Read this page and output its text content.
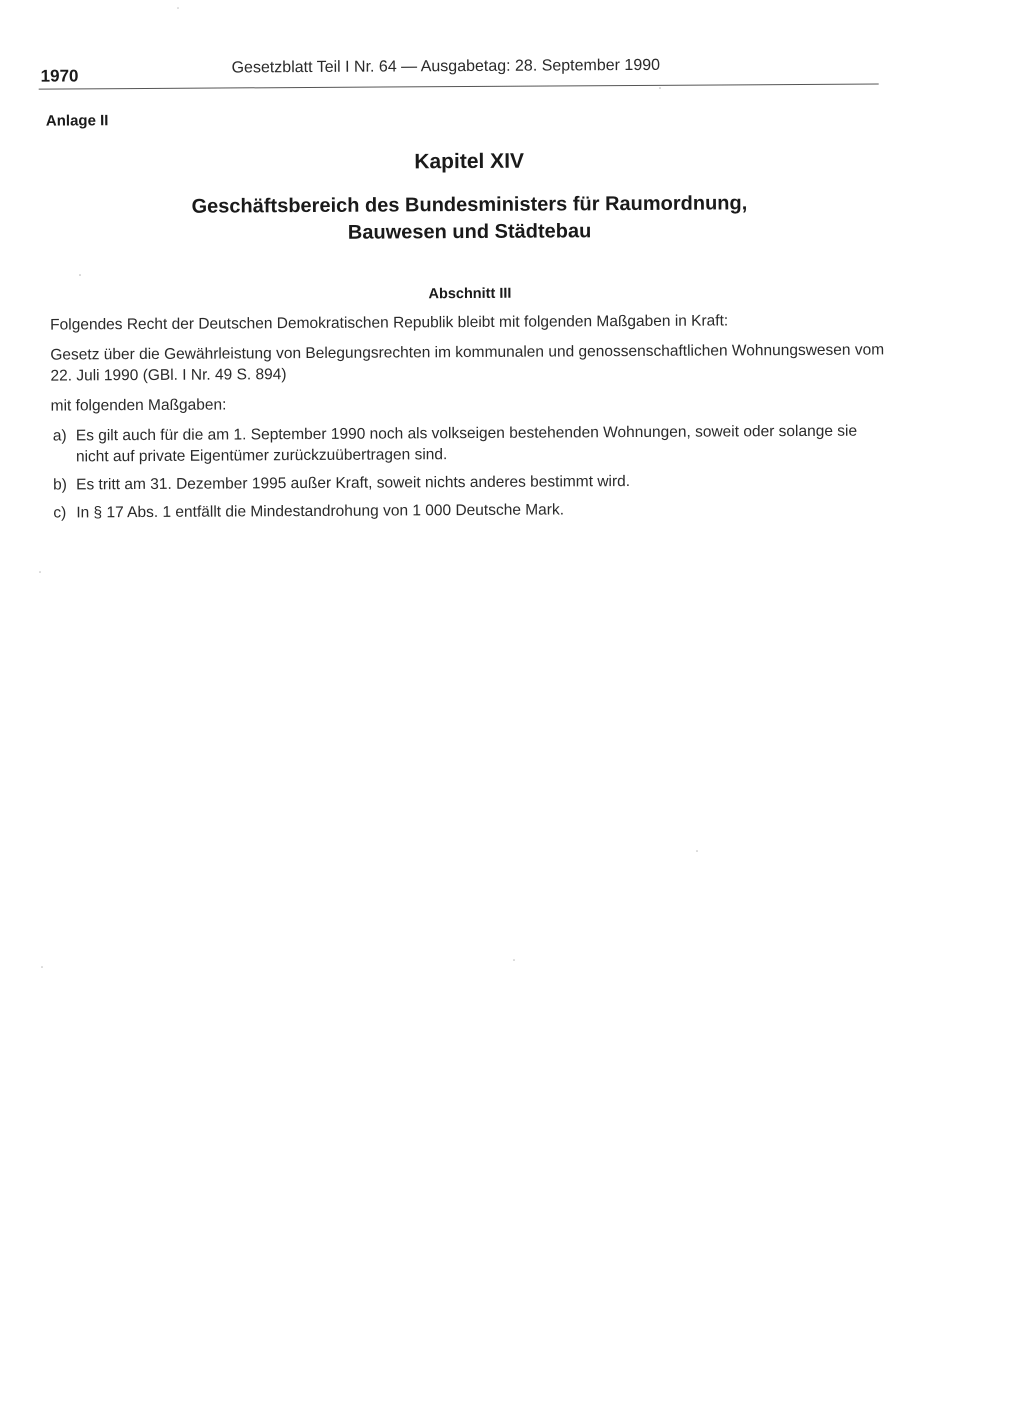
1970	Gesetzblatt Teil I Nr. 64 — Ausgabetag: 28. September 1990
Anlage II

Kapitel XIV

Geschäftsbereich des Bundesministers für Raumordnung,

Bauwesen und Städtebau

Abschnitt III

Folgendes Recht der Deutschen Demokratischen Republik bleibt mit folgenden Maßgaben in Kraft:

Gesetz über die Gewährleistung von Belegungsrechten im kommunalen und genossenschaftlichen Wohnungswesen vom 22. Juli 1990 (GBl. I Nr. 49 S. 894)

mit folgenden Maßgaben:

a) Es gilt auch für die am 1. September 1990 noch als volkseigen bestehenden Wohnungen, soweit oder solange sie nicht auf private Eigentümer zurückzuübertragen sind.
b) Es tritt am 31. Dezember 1995 außer Kraft, soweit nichts anderes bestimmt wird.
c) In § 17 Abs. 1 entfällt die Mindestandrohung von 1 000 Deutsche Mark.
